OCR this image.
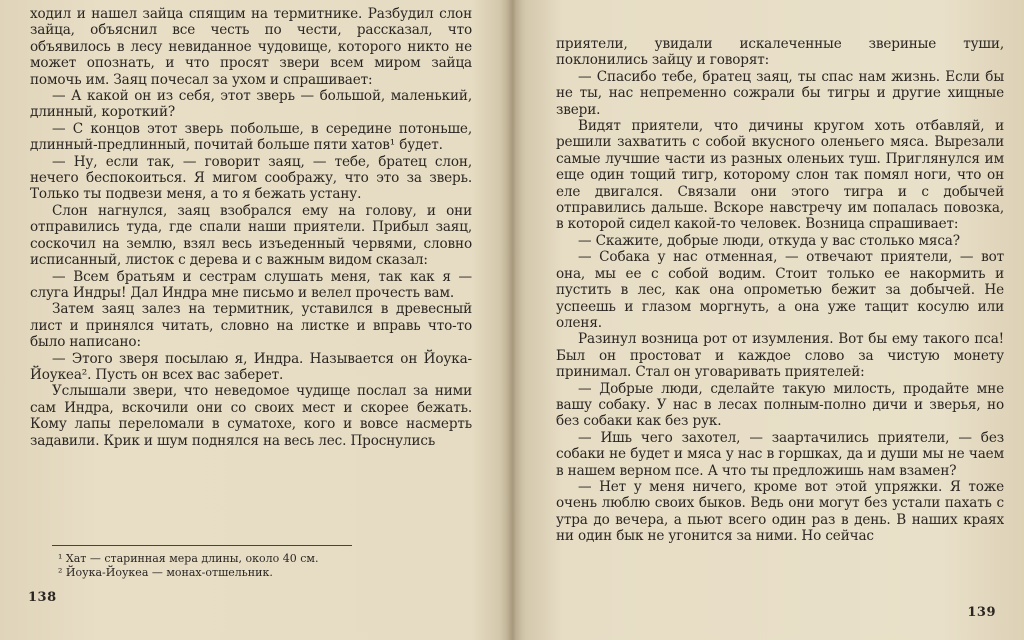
ходил и нашел зайца спящим на термитнике. Разбудил слон зайца, объяснил все честь по чести, рассказал, что объявилось в лесу невиданное чудовище, которого никто не может опознать, и что просят звери всем миром зайца помочь им. Заяц почесал за ухом и спрашивает:

— А какой он из себя, этот зверь — большой, маленький, длинный, короткий?

— С концов этот зверь побольше, в середине потоньше, длинный-предлинный, почитай больше пяти хатов¹ будет.

— Ну, если так, — говорит заяц, — тебе, братец слон, нечего беспокоиться. Я мигом соображу, что это за зверь. Только ты подвези меня, а то я бежать устану.

Слон нагнулся, заяц взобрался ему на голову, и они отправились туда, где спали наши приятели. Прибыл заяц, соскочил на землю, взял весь изъеденный червями, словно исписанный, листок с дерева и с важным видом сказал:

— Всем братьям и сестрам слушать меня, так как я — слуга Индры! Дал Индра мне письмо и велел прочесть вам.

Затем заяц залез на термитник, уставился в древесный лист и принялся читать, словно на листке и вправь что-то было написано:

— Этого зверя посылаю я, Индра. Называется он Йоука-Йоукеа². Пусть он всех вас заберет.

Услышали звери, что неведомое чудище послал за ними сам Индра, вскочили они со своих мест и скорее бежать. Кому лапы переломали в суматохе, кого и вовсе насмерть задавили. Крик и шум поднялся на весь лес. Проснулись

¹ Хат — старинная мера длины, около 40 см.

² Йоука-Йоукеа — монах-отшельник.

138

приятели, увидали искалеченные звериные туши, поклонились зайцу и говорят:

— Спасибо тебе, братец заяц, ты спас нам жизнь. Если бы не ты, нас непременно сожрали бы тигры и другие хищные звери.

Видят приятели, что дичины кругом хоть отбавляй, и решили захватить с собой вкусного оленьего мяса. Вырезали самые лучшие части из разных оленьих туш. Приглянулся им еще один тощий тигр, которому слон так помял ноги, что он еле двигался. Связали они этого тигра и с добычей отправились дальше. Вскоре навстречу им попалась повозка, в которой сидел какой-то человек. Возница спрашивает:

— Скажите, добрые люди, откуда у вас столько мяса?

— Собака у нас отменная, — отвечают приятели, — вот она, мы ее с собой водим. Стоит только ее накормить и пустить в лес, как она опрометью бежит за добычей. Не успеешь и глазом моргнуть, а она уже тащит косулю или оленя.

Разинул возница рот от изумления. Вот бы ему такого пса! Был он простоват и каждое слово за чистую монету принимал. Стал он уговаривать приятелей:

— Добрые люди, сделайте такую милость, продайте мне вашу собаку. У нас в лесах полным-полно дичи и зверья, но без собаки как без рук.

— Ишь чего захотел, — заартачились приятели, — без собаки не будет и мяса у нас в горшках, да и души мы не чаем в нашем верном псе. А что ты предложишь нам взамен?

— Нет у меня ничего, кроме вот этой упряжки. Я тоже очень люблю своих быков. Ведь они могут без устали пахать с утра до вечера, а пьют всего один раз в день. В наших краях ни один бык не угонится за ними. Но сейчас

139
